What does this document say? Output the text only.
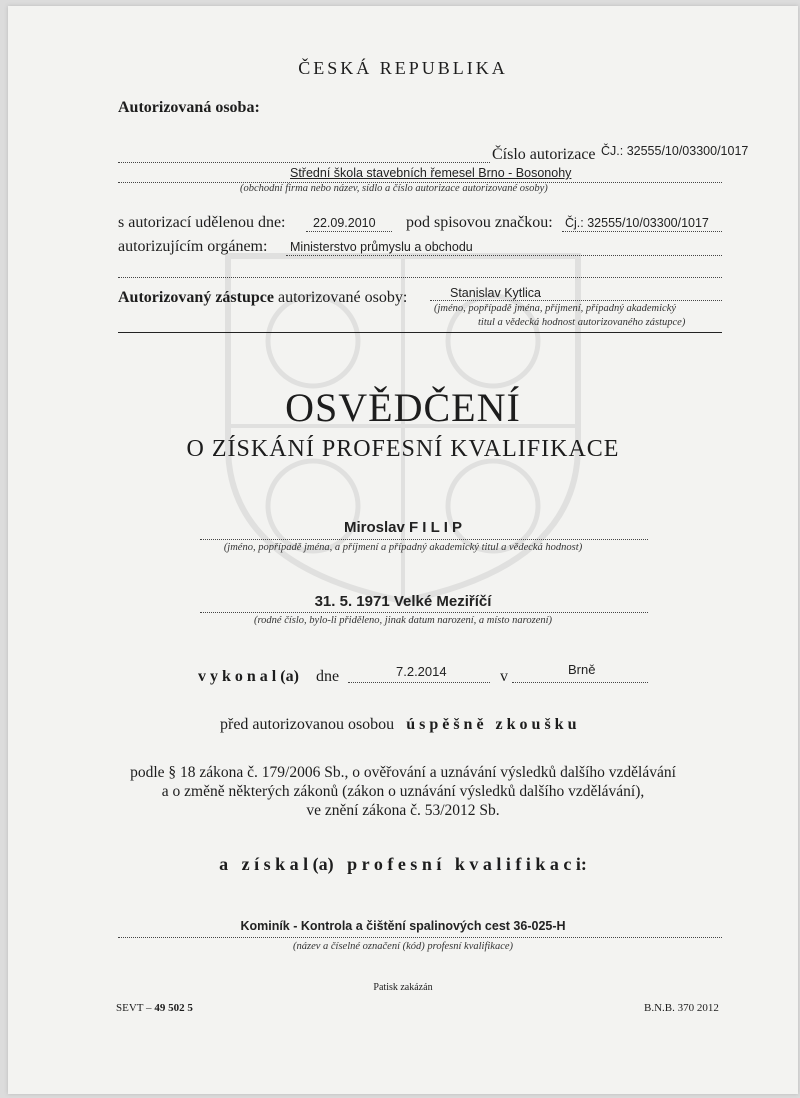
ČESKÁ REPUBLIKA
Autorizovaná osoba:
Číslo autorizace ČJ.: 32555/10/03300/1017
Střední škola stavebních řemesel Brno - Bosonohy
(obchodní firma nebo název, sídlo a číslo autorizace autorizované osoby)
s autorizací udělenou dne: 22.09.2010 pod spisovou značkou: Čj.: 32555/10/03300/1017
autorizujícím orgánem: Ministerstvo průmyslu a obchodu
Autorizovaný zástupce autorizované osoby:	Stanislav Kytlica
(jméno, popřípadě jména, příjmení, případný akademický
titul a vědecká hodnost autorizovaného zástupce)
OSVĚDČENÍ
O ZÍSKÁNÍ PROFESNÍ KVALIFIKACE
Miroslav F I L I P
(jméno, popřípadě jména, a příjmení a případný akademický titul a vědecká hodnost)
31. 5. 1971 Velké Meziříčí
(rodné číslo, bylo-li přiděleno, jinak datum narození, a místo narození)
v y k o n a l (a) dne	7.2.2014	v	Brně
před autorizovanou osobou ú s p ě š n ě   z k o u š k u
podle § 18 zákona č. 179/2006 Sb., o ověřování a uznávání výsledků dalšího vzdělávání
a o změně některých zákonů (zákon o uznávání výsledků dalšího vzdělávání),
ve znění zákona č. 53/2012 Sb.
a   z í s k a l (a)   p r o f e s n í   k v a l i f i k a c i:
Kominík - Kontrola a čištění spalinových cest 36-025-H
(název a číselné označení (kód) profesní kvalifikace)
Patisk zakázán
SEVT – 49 502 5	B.N.B. 370 2012
